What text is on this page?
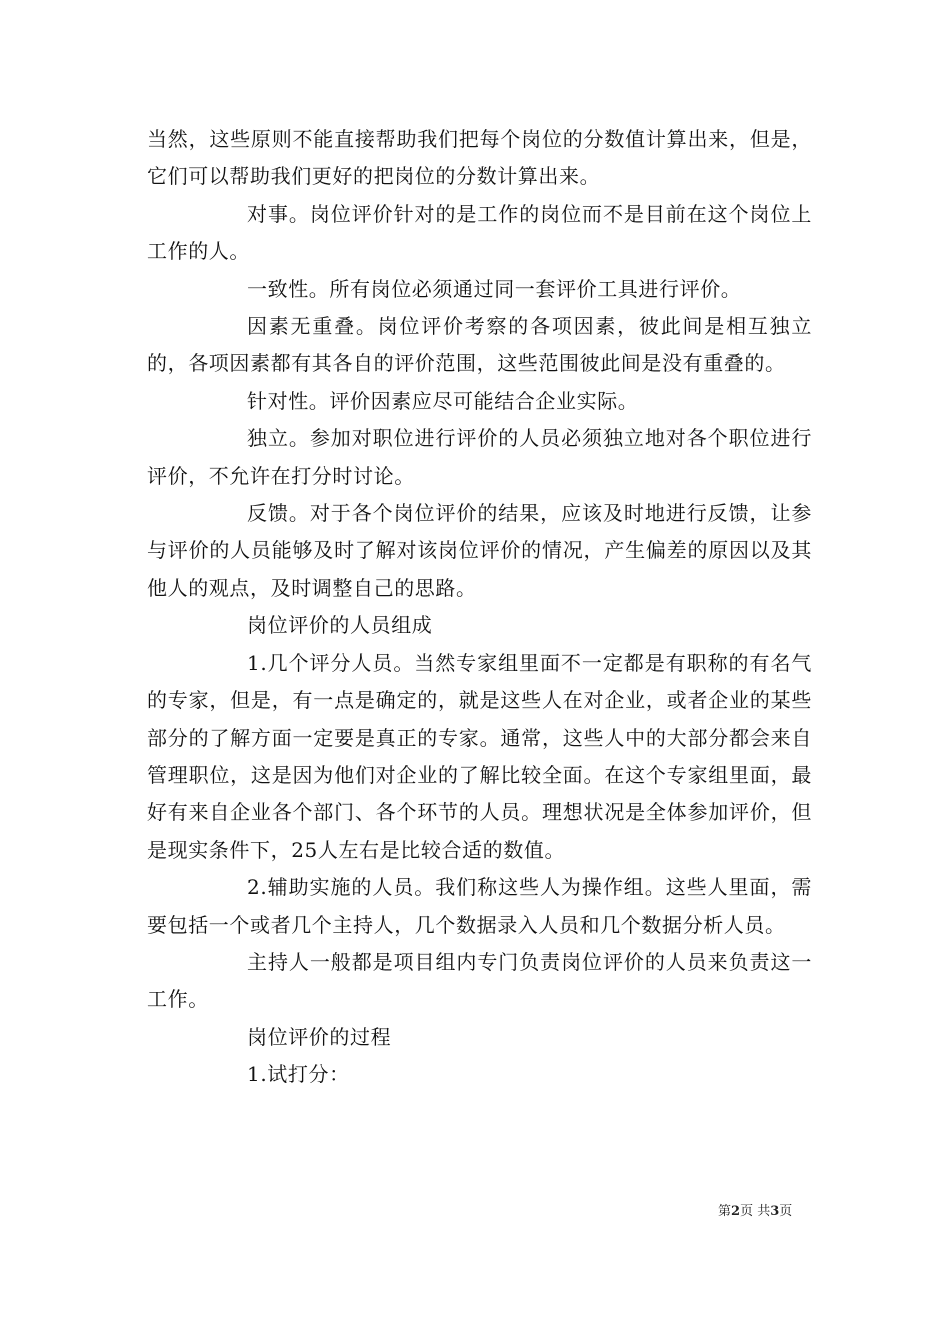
当然，这些原则不能直接帮助我们把每个岗位的分数值计算出来，但是，它们可以帮助我们更好的把岗位的分数计算出来。

对事。岗位评价针对的是工作的岗位而不是目前在这个岗位上工作的人。

一致性。所有岗位必须通过同一套评价工具进行评价。

因素无重叠。岗位评价考察的各项因素，彼此间是相互独立的，各项因素都有其各自的评价范围，这些范围彼此间是没有重叠的。

针对性。评价因素应尽可能结合企业实际。

独立。参加对职位进行评价的人员必须独立地对各个职位进行评价，不允许在打分时讨论。

反馈。对于各个岗位评价的结果，应该及时地进行反馈，让参与评价的人员能够及时了解对该岗位评价的情况，产生偏差的原因以及其他人的观点，及时调整自己的思路。

岗位评价的人员组成

1.几个评分人员。当然专家组里面不一定都是有职称的有名气的专家，但是，有一点是确定的，就是这些人在对企业，或者企业的某些部分的了解方面一定要是真正的专家。通常，这些人中的大部分都会来自管理职位，这是因为他们对企业的了解比较全面。在这个专家组里面，最好有来自企业各个部门、各个环节的人员。理想状况是全体参加评价，但是现实条件下，25人左右是比较合适的数值。

2.辅助实施的人员。我们称这些人为操作组。这些人里面，需要包括一个或者几个主持人，几个数据录入人员和几个数据分析人员。

主持人一般都是项目组内专门负责岗位评价的人员来负责这一工作。

岗位评价的过程

1.试打分：

第2页 共3页
